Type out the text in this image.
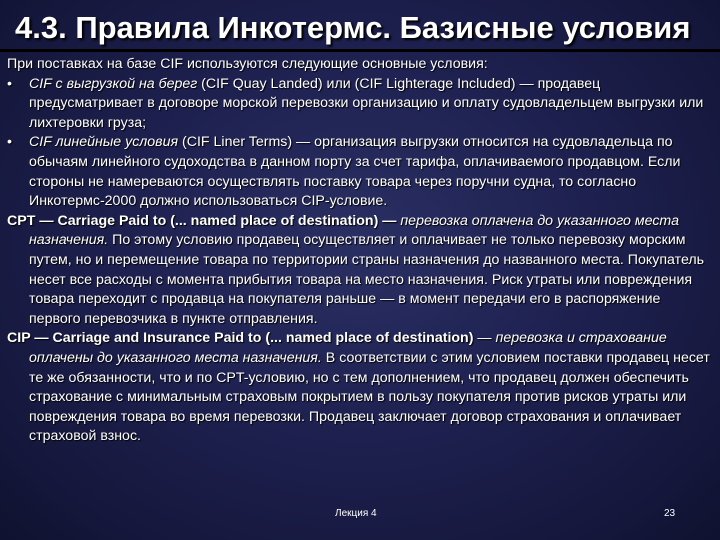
4.3. Правила Инкотермс. Базисные условия

При поставках на базе CIF используются следующие основные условия:

• CIF с выгрузкой на берег (CIF Quay Landed) или (CIF Lighterage Included) — продавец предусматривает в договоре морской перевозки организацию и оплату судовладельцем выгрузки или лихтеровки груза;

• CIF линейные условия (CIF Liner Terms) — организация выгрузки относится на судовладельца по обычаям линейного судоходства в данном порту за счет тарифа, оплачиваемого продавцом. Если стороны не намереваются осуществлять поставку товара через поручни судна, то согласно Инкотермс-2000 должно использоваться CIP-условие.

CPT — Carriage Paid to (... named place of destination) — перевозка оплачена до указанного места назначения. По этому условию продавец осуществляет и оплачивает не только перевозку морским путем, но и перемещение товара по территории страны назначения до названного места. Покупатель несет все расходы с момента прибытия товара на место назначения. Риск утраты или повреждения товара переходит с продавца на покупателя раньше — в момент передачи его в распоряжение первого перевозчика в пункте отправления.

CIP — Carriage and Insurance Paid to (... named place of destination) — перевозка и страхование оплачены до указанного места назначения. В соответствии с этим условием поставки продавец несет те же обязанности, что и по CPT-условию, но с тем дополнением, что продавец должен обеспечить страхование с минимальным страховым покрытием в пользу покупателя против рисков утраты или повреждения товара во время перевозки. Продавец заключает договор страхования и оплачивает страховой взнос.

Лекция 4	23
